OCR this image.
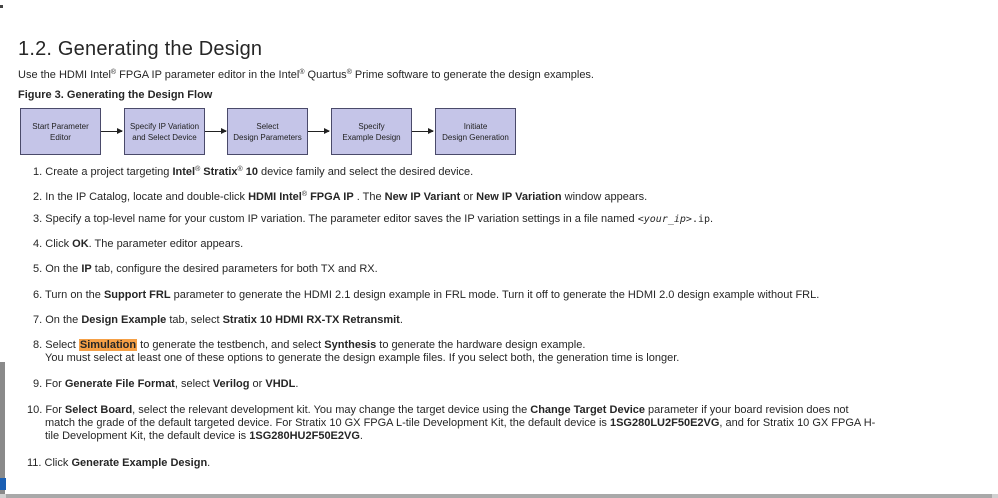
1.2. Generating the Design
Use the HDMI Intel® FPGA IP parameter editor in the Intel® Quartus® Prime software to generate the design examples.
Figure 3. Generating the Design Flow
Start Parameter
Editor
Specify IP Variation
and Select Device
Select
Design Parameters
Specify
Example Design
Initiate
Design Generation
1. Create a project targeting Intel® Stratix® 10 device family and select the desired device.
2. In the IP Catalog, locate and double-click HDMI Intel® FPGA IP . The New IP Variant or New IP Variation window appears.
3. Specify a top-level name for your custom IP variation. The parameter editor saves the IP variation settings in a file named <your_ip>.ip.
4. Click OK. The parameter editor appears.
5. On the IP tab, configure the desired parameters for both TX and RX.
6. Turn on the Support FRL parameter to generate the HDMI 2.1 design example in FRL mode. Turn it off to generate the HDMI 2.0 design example without FRL.
7. On the Design Example tab, select Stratix 10 HDMI RX-TX Retransmit.
8. Select Simulation to generate the testbench, and select Synthesis to generate the hardware design example.
You must select at least one of these options to generate the design example files. If you select both, the generation time is longer.
9. For Generate File Format, select Verilog or VHDL.
10. For Select Board, select the relevant development kit. You may change the target device using the Change Target Device parameter if your board revision does not
match the grade of the default targeted device. For Stratix 10 GX FPGA L-tile Development Kit, the default device is 1SG280LU2F50E2VG, and for Stratix 10 GX FPGA H-
tile Development Kit, the default device is 1SG280HU2F50E2VG.
11. Click Generate Example Design.
